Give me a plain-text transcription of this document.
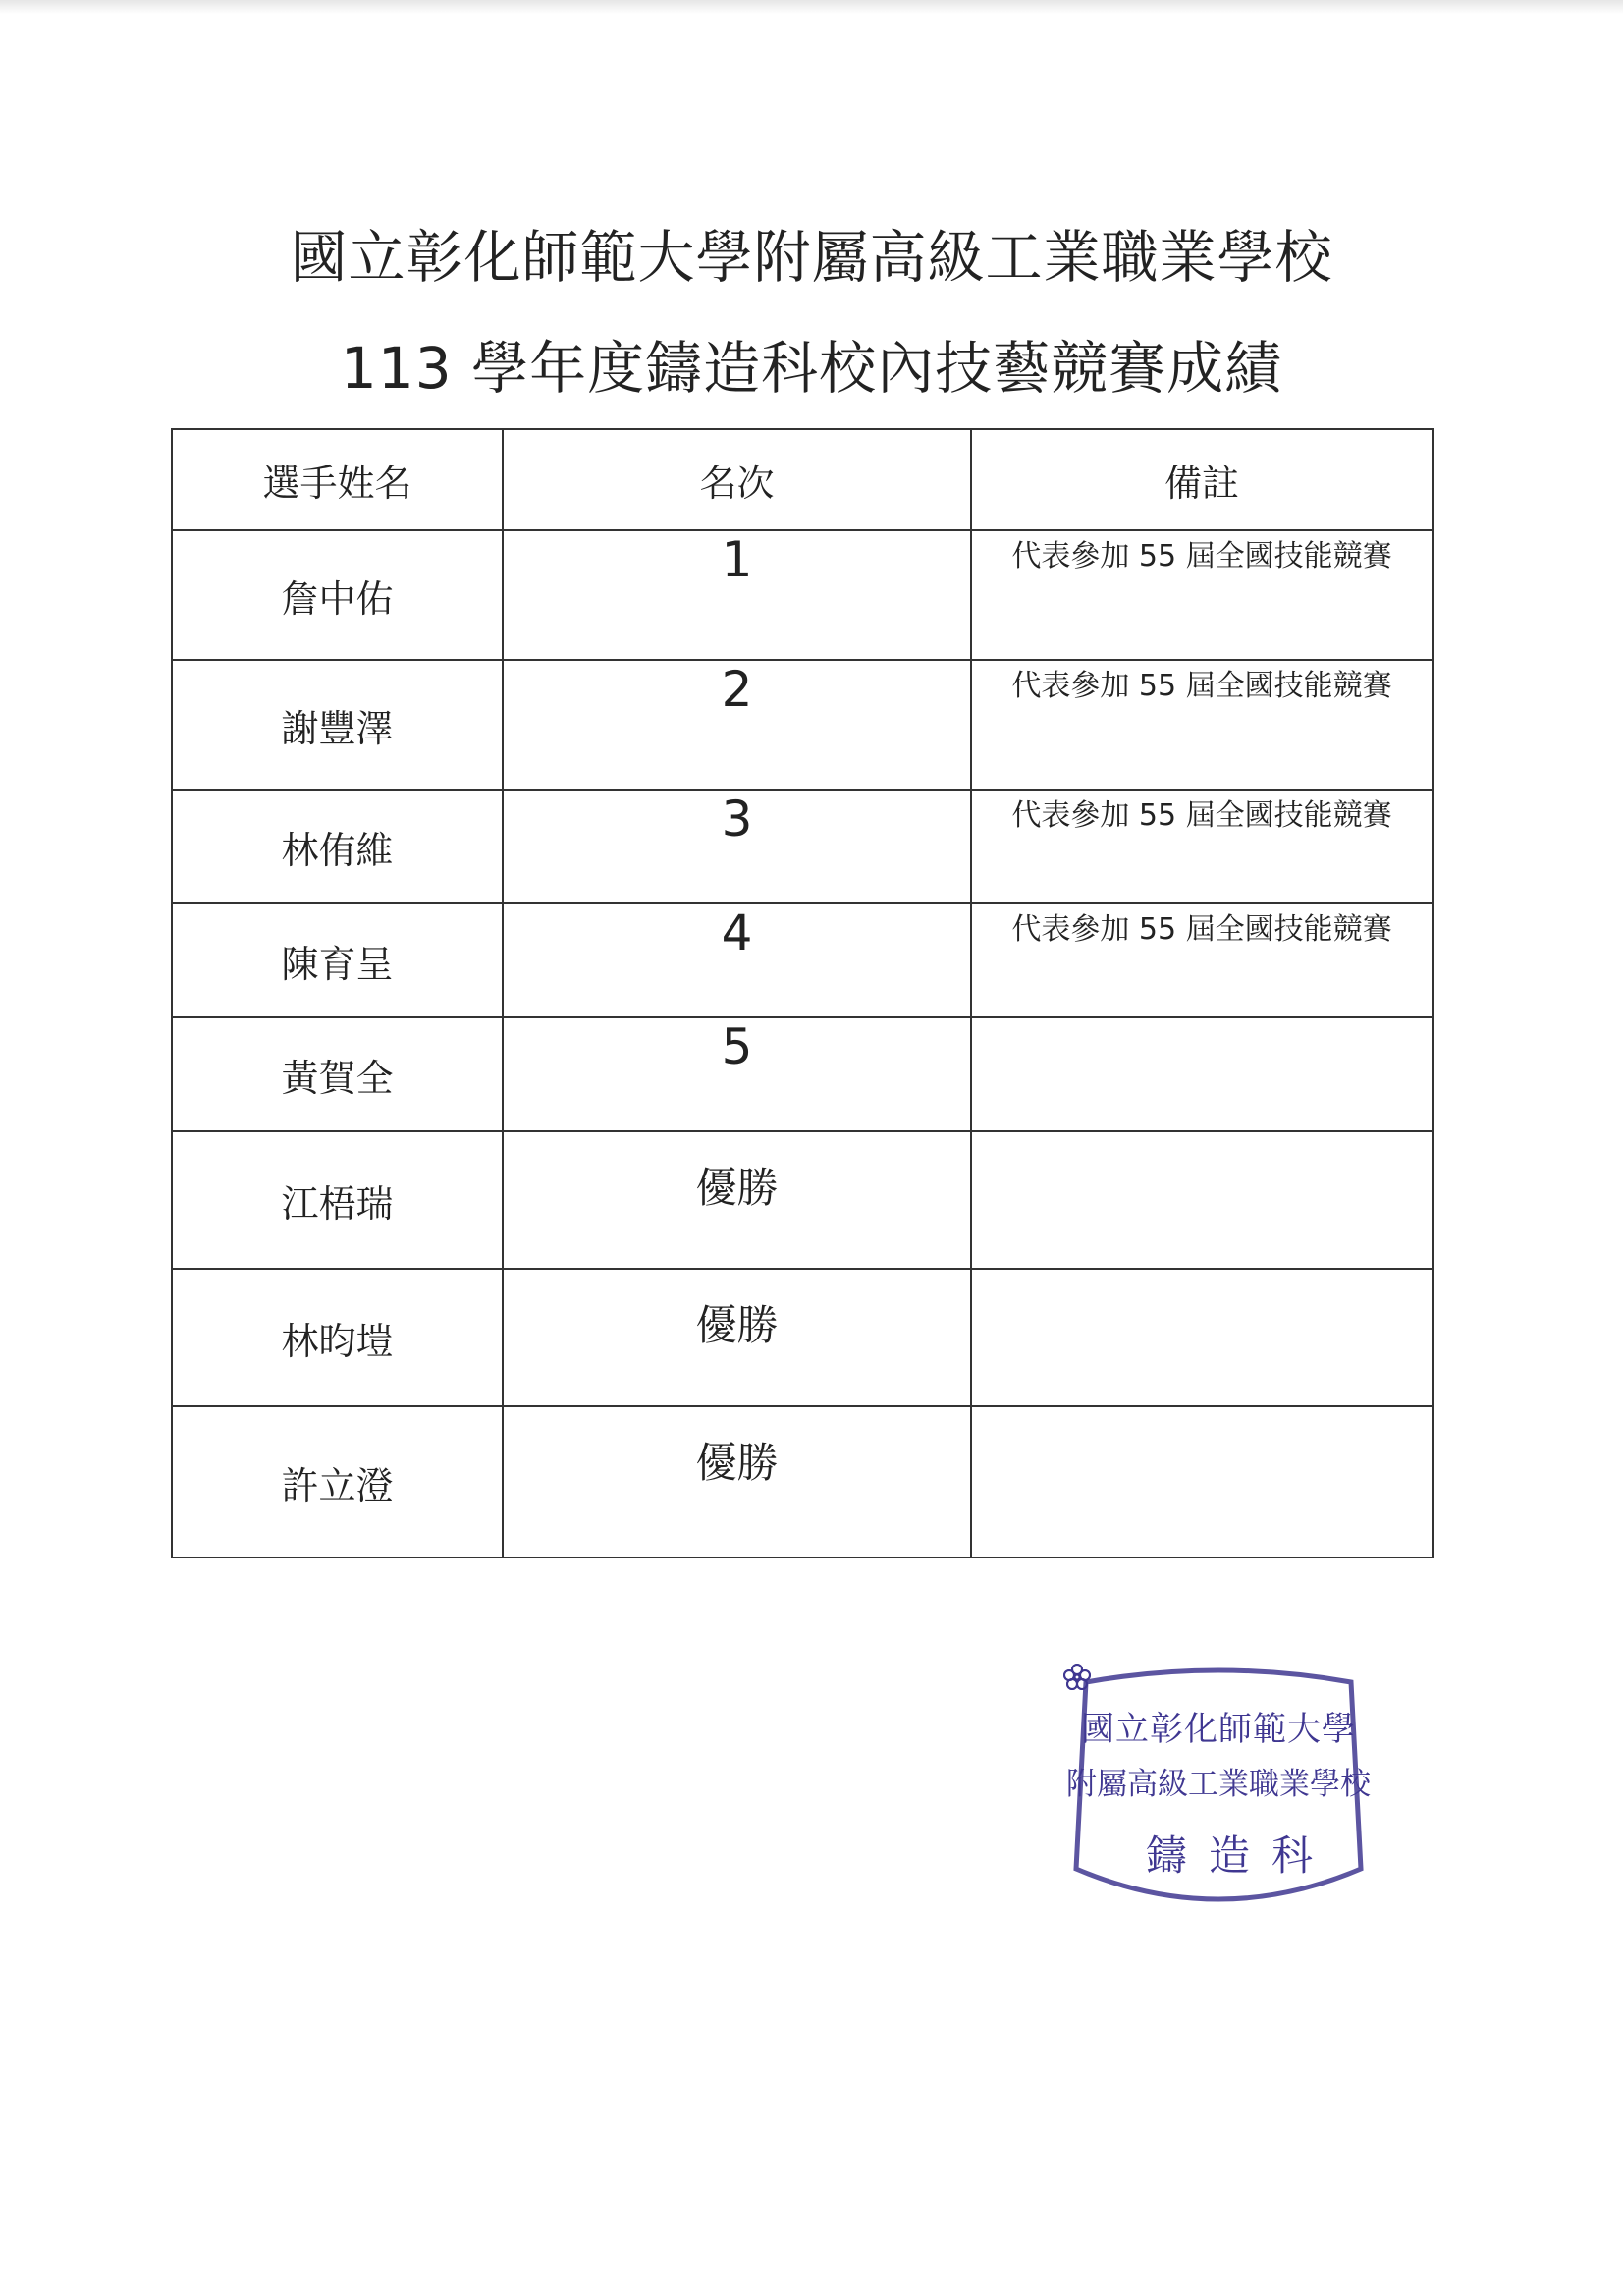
國立彰化師範大學附屬高級工業職業學校
113 學年度鑄造科校內技藝競賽成績
選手姓名	名次	備註
詹中佑	1	代表參加 55 屆全國技能競賽
謝豐澤	2	代表參加 55 屆全國技能競賽
林侑維	3	代表參加 55 屆全國技能競賽
陳育呈	4	代表參加 55 屆全國技能競賽
黃賀全	5	
江梧瑞	優勝	
林昀塏	優勝	
許立澄	優勝	
國立彰化師範大學
附屬高級工業職業學校
鑄造科
